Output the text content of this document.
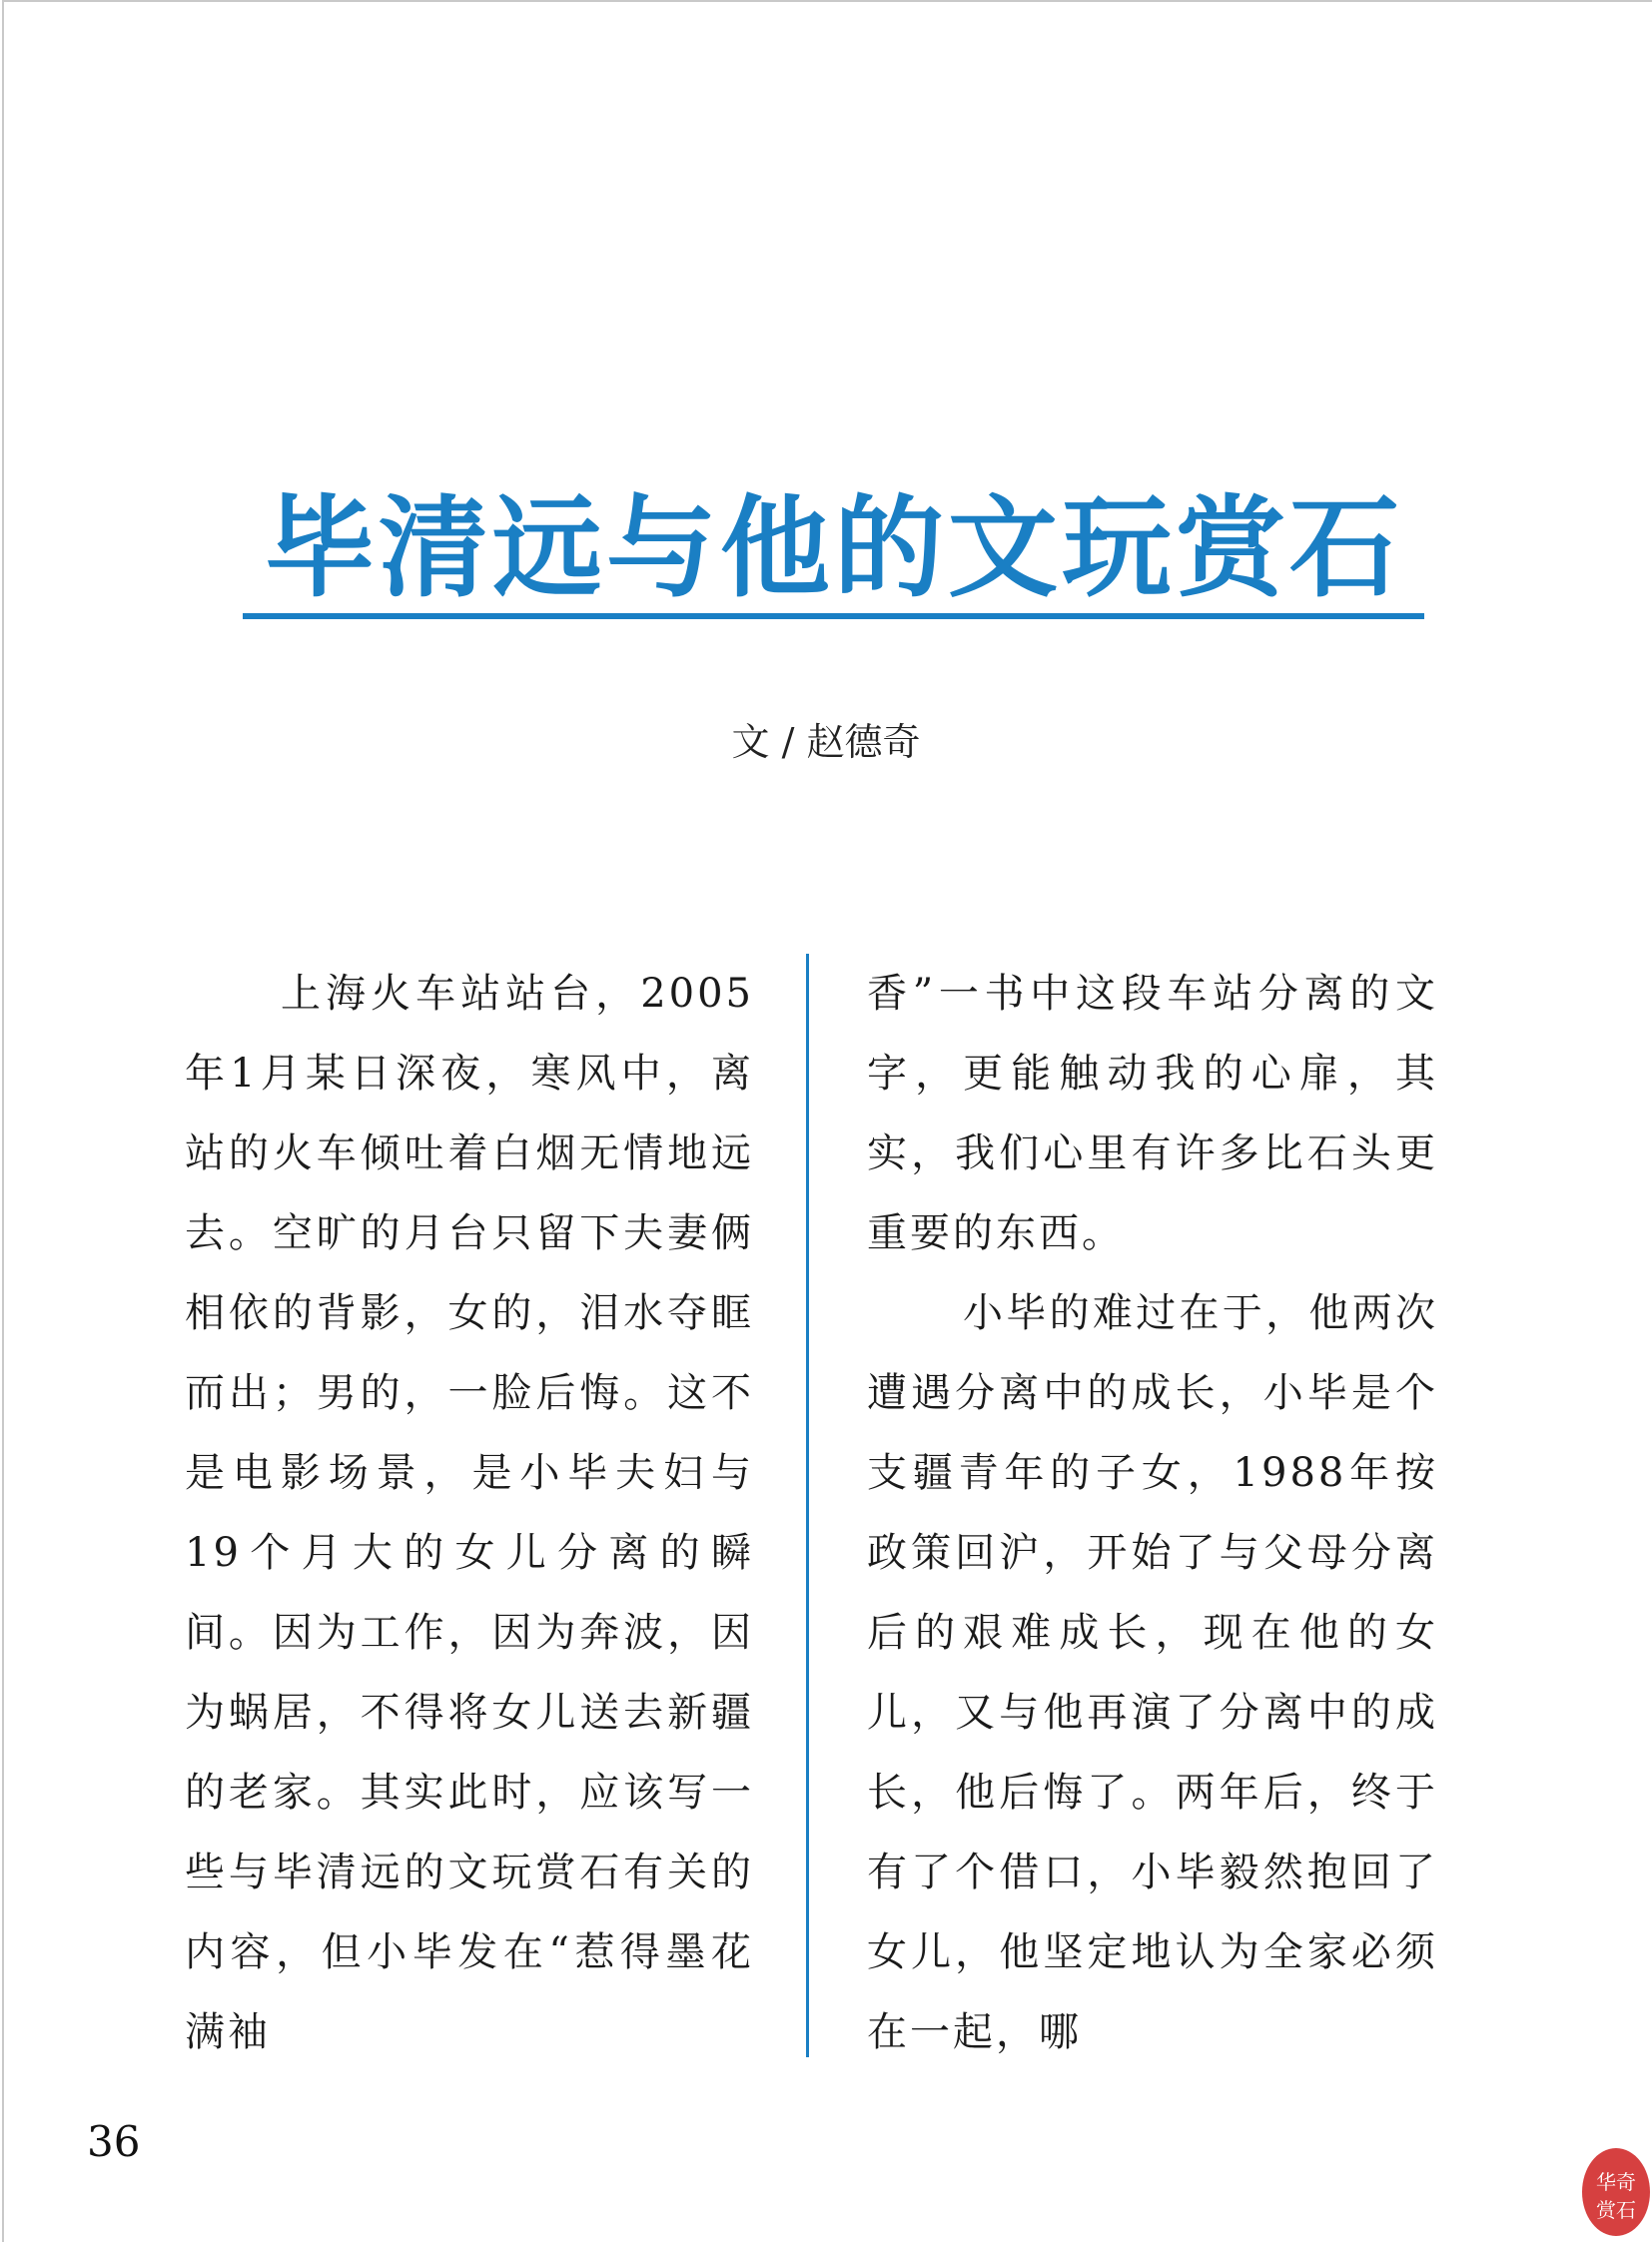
毕清远与他的文玩赏石
文 / 赵德奇

上海火车站站台，2005年1月某日深夜，寒风中，离站的火车倾吐着白烟无情地远去。空旷的月台只留下夫妻俩相依的背影，女的，泪水夺眶而出；男的，一脸后悔。这不是电影场景，是小毕夫妇与19个月大的女儿分离的瞬间。因为工作，因为奔波，因为蜗居，不得将女儿送去新疆的老家。其实此时，应该写一些与毕清远的文玩赏石有关的内容，但小毕发在“惹得墨花满袖

香”一书中这段车站分离的文字，更能触动我的心扉，其实，我们心里有许多比石头更重要的东西。

小毕的难过在于，他两次遭遇分离中的成长，小毕是个支疆青年的子女，1988年按政策回沪，开始了与父母分离后的艰难成长，现在他的女儿，又与他再演了分离中的成长，他后悔了。两年后，终于有了个借口，小毕毅然抱回了女儿，他坚定地认为全家必须在一起，哪

36
华奇
赏石
